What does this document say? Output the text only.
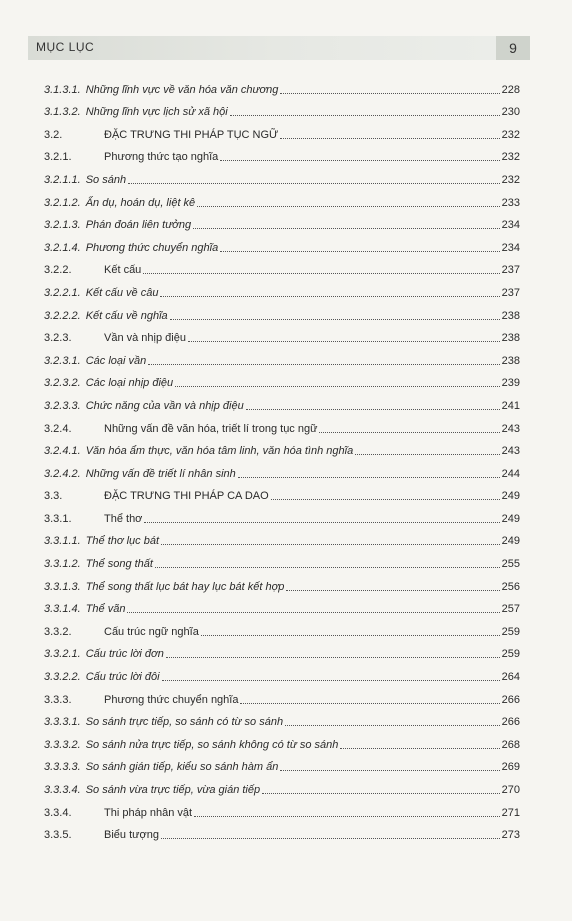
MỤC LỤC	9
3.1.3.1. Những lĩnh vực về văn hóa văn chương	228
3.1.3.2. Những lĩnh vực lịch sử xã hội	230
3.2.	ĐẶC TRƯNG THI PHÁP TỤC NGỮ	232
3.2.1.	Phương thức tạo nghĩa	232
3.2.1.1. So sánh	232
3.2.1.2. Ẩn dụ, hoán dụ, liệt kê	233
3.2.1.3. Phán đoán liên tưởng	234
3.2.1.4. Phương thức chuyển nghĩa	234
3.2.2.	Kết cấu	237
3.2.2.1. Kết cấu về câu	237
3.2.2.2. Kết cấu về nghĩa	238
3.2.3.	Vần và nhịp điệu	238
3.2.3.1. Các loại vần	238
3.2.3.2. Các loại nhịp điệu	239
3.2.3.3. Chức năng của vần và nhịp điệu	241
3.2.4.	Những vấn đề văn hóa, triết lí trong tục ngữ	243
3.2.4.1. Văn hóa ẩm thực, văn hóa tâm linh, văn hóa tình nghĩa	243
3.2.4.2. Những vấn đề triết lí nhân sinh	244
3.3.	ĐẶC TRƯNG THI PHÁP CA DAO	249
3.3.1.	Thể thơ	249
3.3.1.1. Thể thơ lục bát	249
3.3.1.2. Thể song thất	255
3.3.1.3. Thể song thất lục bát hay lục bát kết hợp	256
3.3.1.4. Thể vãn	257
3.3.2.	Cấu trúc ngữ nghĩa	259
3.3.2.1. Cấu trúc lời đơn	259
3.3.2.2. Cấu trúc lời đôi	264
3.3.3.	Phương thức chuyển nghĩa	266
3.3.3.1. So sánh trực tiếp, so sánh có từ so sánh	266
3.3.3.2. So sánh nửa trực tiếp, so sánh không có từ so sánh	268
3.3.3.3. So sánh gián tiếp, kiểu so sánh hàm ẩn	269
3.3.3.4. So sánh vừa trực tiếp, vừa gián tiếp	270
3.3.4.	Thi pháp nhân vật	271
3.3.5.	Biểu tượng	273
